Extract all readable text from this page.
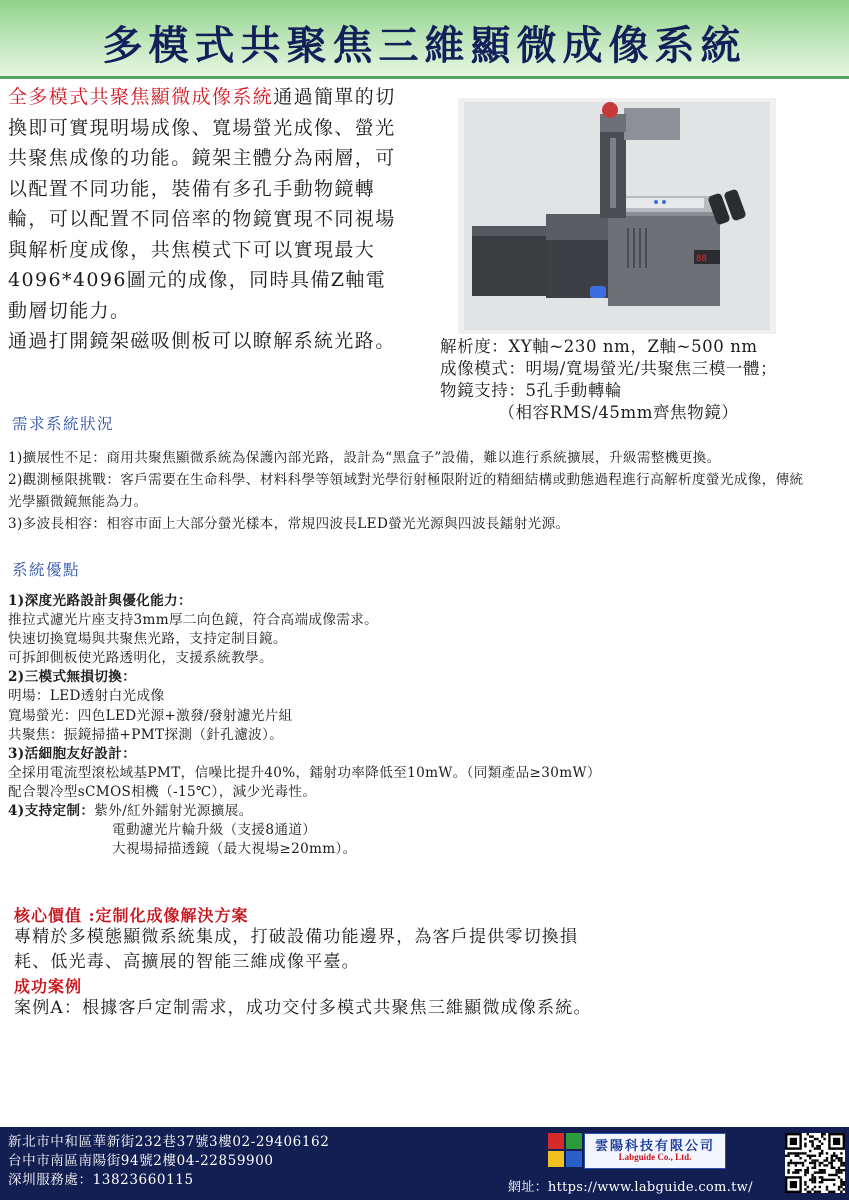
多模式共聚焦三維顯微成像系統
全多模式共聚焦顯微成像系統通過簡單的切換即可實現明場成像、寬場螢光成像、螢光共聚焦成像的功能。鏡架主體分為兩層，可以配置不同功能，裝備有多孔手動物鏡轉輪，可以配置不同倍率的物鏡實現不同視場與解析度成像，共焦模式下可以實現最大4096*4096圖元的成像，同時具備Z軸電動層切能力。
通過打開鏡架磁吸側板可以瞭解系統光路。
88
解析度：XY軸~230 nm，Z軸~500 nm
成像模式：明場/寬場螢光/共聚焦三模一體；
物鏡支持：5孔手動轉輪
（相容RMS/45mm齊焦物鏡）
需求系統狀況
1)擴展性不足：商用共聚焦顯微系統為保護內部光路，設計為“黑盒子”設備，難以進行系統擴展，升級需整機更換。
2)觀測極限挑戰：客戶需要在生命科學、材料科學等領域對光學衍射極限附近的精細結構或動態過程進行高解析度螢光成像，傳統光學顯微鏡無能為力。
3)多波長相容：相容市面上大部分螢光樣本，常規四波長LED螢光光源與四波長鐳射光源。
系統優點
1)深度光路設計與優化能力：
推拉式濾光片座支持3mm厚二向色鏡，符合高端成像需求。
快速切換寬場與共聚焦光路，支持定制目鏡。
可拆卸側板使光路透明化，支援系統教學。
2)三模式無損切換：
明場：LED透射白光成像
寬場螢光：四色LED光源+激發/發射濾光片組
共聚焦：振鏡掃描+PMT探測（針孔濾波）。
3)活細胞友好設計：
全採用電流型滾松域基PMT，信噪比提升40%，鐳射功率降低至10mW。（同類產品≥30mW）
配合製冷型sCMOS相機（-15℃），減少光毒性。
4)支持定制：紫外/紅外鐳射光源擴展。
電動濾光片輪升級（支援8通道）
大視場掃描透鏡（最大視場≥20mm）。
核心價值 :定制化成像解決方案
專精於多模態顯微系統集成，打破設備功能邊界，為客戶提供零切換損耗、低光毒、高擴展的智能三維成像平臺。
成功案例
案例A：根據客戶定制需求，成功交付多模式共聚焦三維顯微成像系統。
新北市中和區華新街232巷37號3樓02-29406162
台中市南區南陽街94號2樓04-22859900
深圳服務處：13823660115
雲陽科技有限公司
Labguide Co., Ltd.
網址：https://www.labguide.com.tw/
